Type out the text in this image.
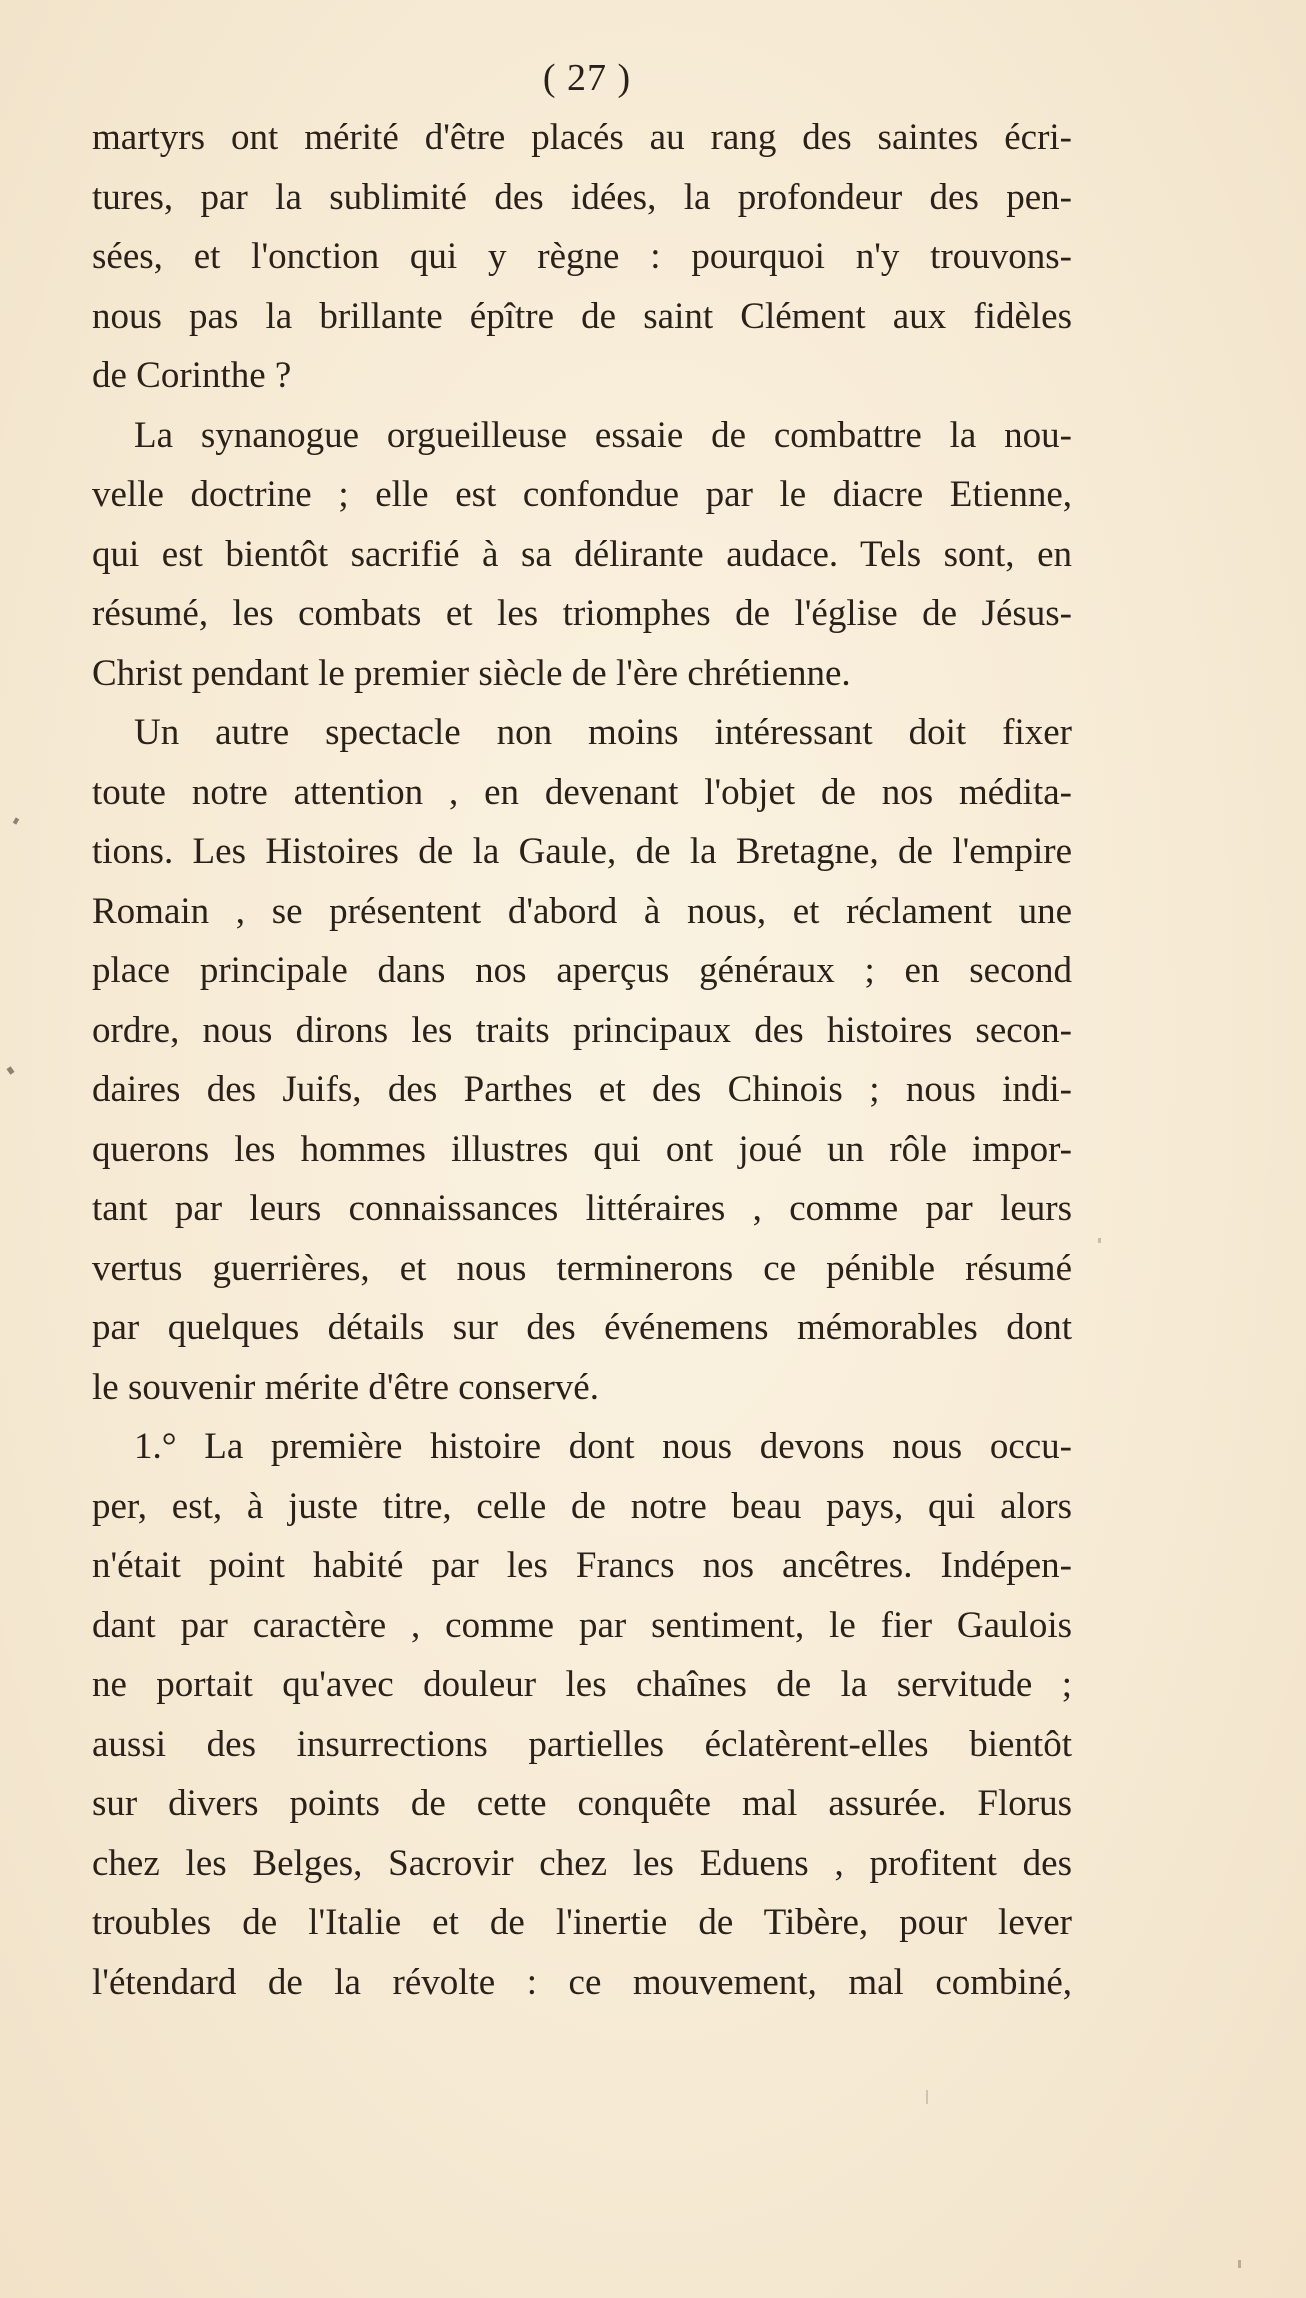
( 27 )
martyrs ont mérité d'être placés au rang des saintes écri-
tures, par la sublimité des idées, la profondeur des pen-
sées, et l'onction qui y règne : pourquoi n'y trouvons-
nous pas la brillante épître de saint Clément aux fidèles
de Corinthe ?
La synanogue orgueilleuse essaie de combattre la nou-
velle doctrine ; elle est confondue par le diacre Etienne,
qui est bientôt sacrifié à sa délirante audace. Tels sont, en
résumé, les combats et les triomphes de l'église de Jésus-
Christ pendant le premier siècle de l'ère chrétienne.
Un autre spectacle non moins intéressant doit fixer
toute notre attention , en devenant l'objet de nos médita-
tions. Les Histoires de la Gaule, de la Bretagne, de l'empire
Romain , se présentent d'abord à nous, et réclament une
place principale dans nos aperçus généraux ; en second
ordre, nous dirons les traits principaux des histoires secon-
daires des Juifs, des Parthes et des Chinois ; nous indi-
querons les hommes illustres qui ont joué un rôle impor-
tant par leurs connaissances littéraires , comme par leurs
vertus guerrières, et nous terminerons ce pénible résumé
par quelques détails sur des événemens mémorables dont
le souvenir mérite d'être conservé.
1.° La première histoire dont nous devons nous occu-
per, est, à juste titre, celle de notre beau pays, qui alors
n'était point habité par les Francs nos ancêtres. Indépen-
dant par caractère , comme par sentiment, le fier Gaulois
ne portait qu'avec douleur les chaînes de la servitude ;
aussi des insurrections partielles éclatèrent-elles bientôt
sur divers points de cette conquête mal assurée. Florus
chez les Belges, Sacrovir chez les Eduens , profitent des
troubles de l'Italie et de l'inertie de Tibère, pour lever
l'étendard de la révolte : ce mouvement, mal combiné,
